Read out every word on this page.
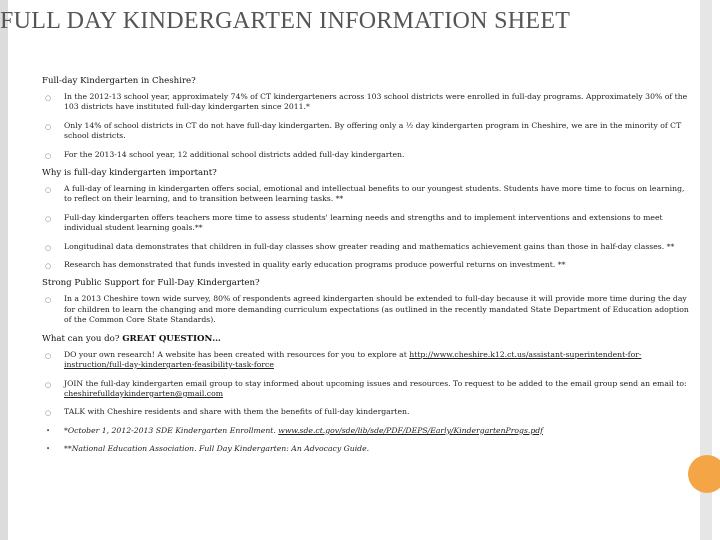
FULL DAY KINDERGARTEN INFORMATION SHEET

Full-day Kindergarten in Cheshire?

○ In the 2012-13 school year, approximately 74% of CT kindergarteners across 103 school districts were enrolled in full-day programs. Approximately 30% of the 103 districts have instituted full-day kindergarten since 2011.*
○ Only 14% of school districts in CT do not have full-day kindergarten. By offering only a ½ day kindergarten program in Cheshire, we are in the minority of CT school districts.
○ For the 2013-14 school year, 12 additional school districts added full-day kindergarten.

Why is full-day kindergarten important?

○ A full-day of learning in kindergarten offers social, emotional and intellectual benefits to our youngest students. Students have more time to focus on learning, to reflect on their learning, and to transition between learning tasks. **
○ Full-day kindergarten offers teachers more time to assess students' learning needs and strengths and to implement interventions and extensions to meet individual student learning goals.**
○ Longitudinal data demonstrates that children in full-day classes show greater reading and mathematics achievement gains than those in half-day classes. **
○ Research has demonstrated that funds invested in quality early education programs produce powerful returns on investment. **

Strong Public Support for Full-Day Kindergarten?

○ In a 2013 Cheshire town wide survey, 80% of respondents agreed kindergarten should be extended to full-day because it will provide more time during the day for children to learn the changing and more demanding curriculum expectations (as outlined in the recently mandated State Department of Education adoption of the Common Core State Standards).

What can you do? GREAT QUESTION…

○ DO your own research! A website has been created with resources for you to explore at http://www.cheshire.k12.ct.us/assistant-superintendent-for-instruction/full-day-kindergarten-feasibility-task-force
○ JOIN the full-day kindergarten email group to stay informed about upcoming issues and resources. To request to be added to the email group send an email to: cheshirefulldaykindergarten@gmail.com
○ TALK with Cheshire residents and share with them the benefits of full-day kindergarten.
• *October 1, 2012-2013 SDE Kindergarten Enrollment. www.sde.ct.gov/sde/lib/sde/PDF/DEPS/Early/KindergartenProgs.pdf
• **National Education Association. Full Day Kindergarten: An Advocacy Guide.
